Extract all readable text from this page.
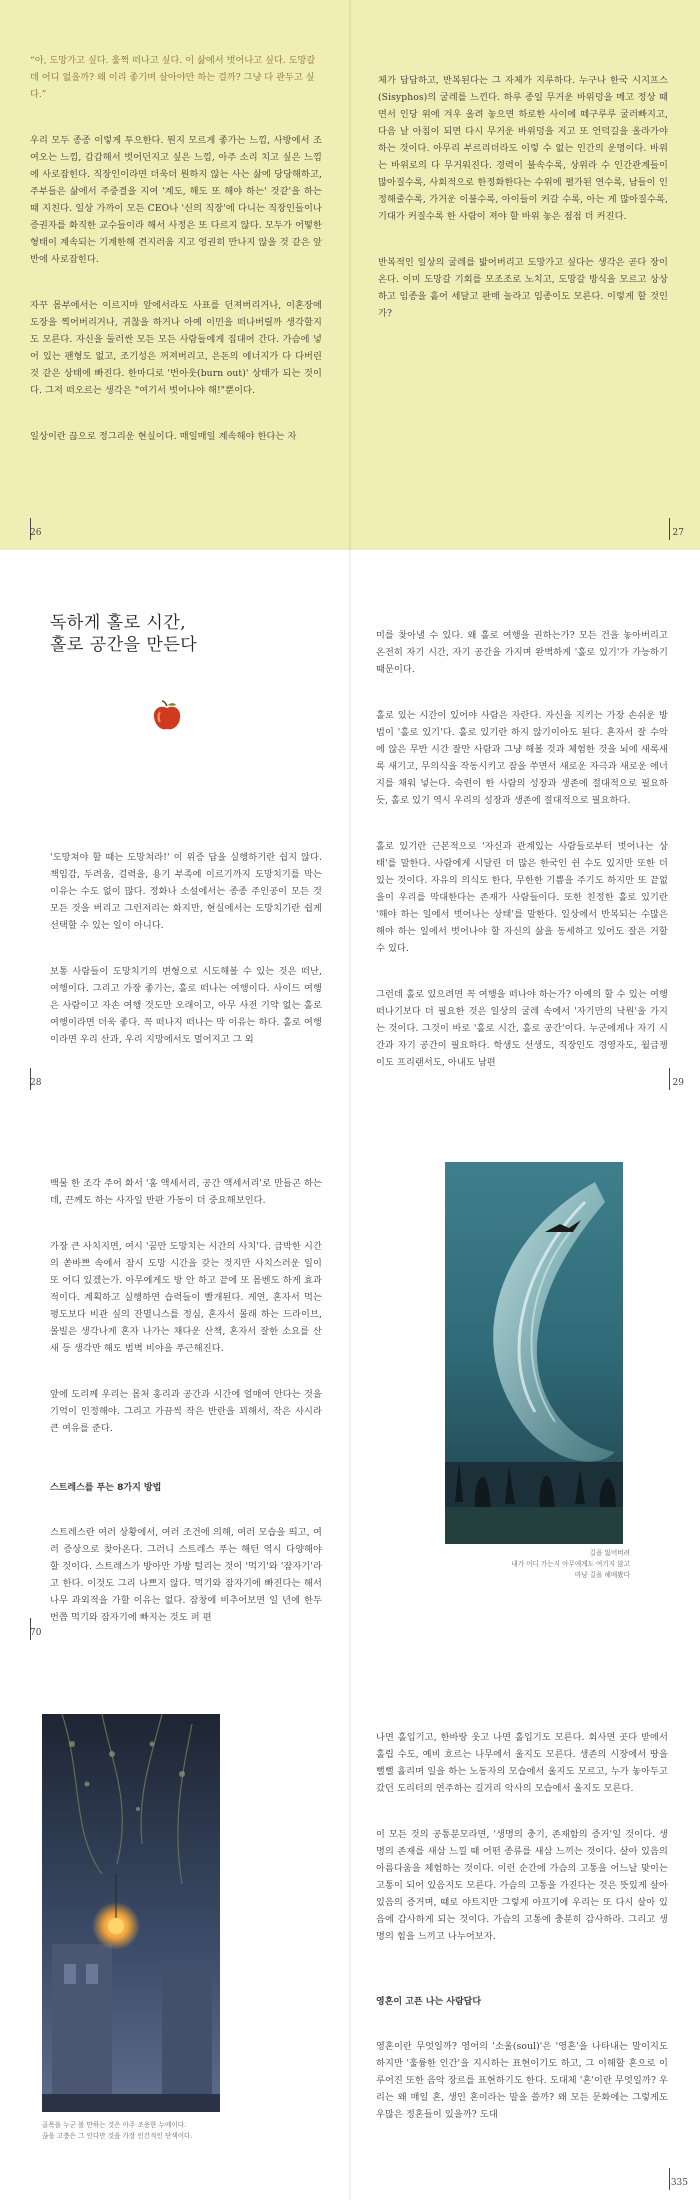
“아, 도망가고 싶다. 훌쩍 떠나고 싶다. 이 삶에서 벗어나고 싶다. 도망갈 데 어디 없을까? 왜 이리 좋기며 살아야만 하는 걸까? 그냥 다 관두고 싶다.”

우리 모두 종종 이렇게 투으한다. 뭔지 모르게 좋가는 느낌, 사방에서 조여오는 느낌, 갑갑해서 벗어던지고 싶은 느낌, 아주 소리 치고 싶은 느낌에 사로잡힌다. 직장인이라면 더욱더 원하지 않는 사는 삶에 당당해하고, 주부들은 삶에서 주중결을 지여 '계도, 해도 또 해야 하는' 것같'을 하는 때 지친다. 일상 가까이 모든 CEO나 '신의 직장'에 다니는 직장인들이나 증권자를 화직한 교수들이라 해서 사정은 또 다르지 않다. 모두가 어떻한 형태이 계속되는 기계한해 견지러움 지고 엉권히 만나지 않을 것 같은 앞반에 사로잡힌다.

자꾸 몸부에서는 이르지마 앞에서라도 사표를 던져버리거나, 이혼장에 도장을 찍어버리거나, 귀찮을 하거나 아예 이민을 떠나버릴까 생각할지도 모른다. 자신을 둘러싼 모든 모든 사람들에게 집대어 간다. 가슴에 넣어 있는 팬형도 없고, 조기성은 꺼져버리고, 은돈의 에너지가 다 다버린 것 같은 상태에 빠진다. 한마디로 '번아웃(burn out)' 상태가 되는 것이다. 그저 떠오르는 생각은 "여기서 벗어나야 해!"뿐이다.

일상이란 끊으로 정그리운 현실이다. 매일매일 계속해야 한다는 자

26

체가 답답하고, 반복된다는 그 자체가 지루하다. 누구나 한국 시지프스(Sisyphos)의 굴레를 느낀다. 하루 종일 무거운 바위덩을 메고 정상 때면서 인당 위에 겨우 올려 놓으면 하로한 사이에 떼구루루 굴러빠지고, 다음 날 아침이 되면 다시 무거운 바위덩을 지고 또 언덕길을 올라가야 하는 것이다. 아무리 부르리더라도 이렇 수 없는 인간의 운명이다. 바위는 바위로의 다 무거워진다. 경력이 불속수록, 상위라 수 인간관계들이 많아질수록, 사회적으로 한정화한다는 수위에 펼가된 연수록, 남들이 인정해줄수록, 가거운 이불수록, 아이들이 커갈 수록, 아는 게 많아질수록, 기대가 커질수록 한 사람이 져야 할 바위 놓은 점점 더 커진다.

반복적인 일상의 굴레를 밟어버리고 도망가고 싶다는 생각은 곧다 장이온다. 이미 도망갈 기회를 모조조로 노치고, 도망갈 방식을 모르고 상상하고 임종을 흩어 세달고 판매 놀라고 임종이도 모른다. 이렇게 할 것인가?

27
독하게 홀로 시간,
홀로 공간을 만든다

'도망쳐야 할 때는 도망쳐라!' 이 위증 답을 실행하기란 쉽지 않다. 책임감, 두려움, 걸력을, 용기 부족에 이르기까지 도망치기를 막는 이유는 수도 없이 많다. 정화나 소설에서는 종종 주인공이 모든 것 모든 것을 버리고 그런저리는 화지만, 현실에서는 도망치기란 쉽게 선택할 수 있는 일이 아니다.

보통 사람들이 도망치기의 변형으로 시도해볼 수 있는 것은 떠난, 여행이다. 그리고 가장 좋기는, 홀로 떠나는 여행이다. 사이드 여행은 사람이고 자손 여행 것도만 오래이고, 아무 사전 기약 없는 홀로 여행이라면 더욱 좋다. 꼭 떠나지 떠나는 막 이유는 하다. 홀로 여행이라면 우리 산과, 우리 지망에서도 멀어지고 그 외

28

미를 찾아낼 수 있다. 왜 홀로 여행을 권하는가? 모든 건을 놓아버리고 온전히 자기 시간, 자기 공간을 가지며 완벽하게 '홀로 있기'가 가능하기 때문이다.

홀로 있는 시간이 있어야 사람은 자란다. 자신을 지키는 가장 손쉬운 방법이 '홀로 있기'다. 홀로 있기란 하지 않기이아도 된다. 혼자서 잘 수악에 않은 무반 시간 잘만 사람과 그냥 해볼 것과 체험한 것을 뇌에 새록새록 새기고, 무의식을 작동시키고 잠을 쑤면서 새로운 자극과 새로운 에너지를 채워 넣는다. 숙련이 한 사람의 성장과 생존에 절대적으로 필요하듯, 홀로 있기 역시 우리의 성장과 생존에 절대적으로 필요하다.

홀로 있기란 근본적으로 '자신과 관계있는 사람들로부터 벗어나는 상태'를 말한다. 사람에게 시달린 더 많은 한국인 쉰 수도 있지만 또한 더 있는 것이다. 자유의 의식도 한다, 무한한 기쁨을 주기도 하지만 또 끝없을이 우리를 막대한다는 존재가 사람들이다. 또한 친정한 홀로 있기란 '해야 하는 일에서 벗어나는 상태'를 말한다. 일상에서 반복되는 수많은 해야 하는 일에서 벗어나야 할 자신의 삶을 동세하고 있어도 잘은 거할 수 있다.

그런데 홀로 있으려면 꼭 여행을 떠나야 하는가? 아예의 할 수 있는 여행 떠나기보다 더 필요한 것은 일상의 굴레 속에서 '자기만의 낙원'을 가지는 것이다. 그것이 바로 '홀로 시간, 홀로 공간'이다. 누군에게나 자기 시간과 자기 공간이 필요하다. 학생도 선생도, 직장인도 경영자도, 월급쟁이도 프리랜서도, 아내도 남편

29

백물 한 조각 주어 화서 '홈 액세서리, 공간 액세서리'로 만들곤 하는데, 끈께도 하는 사자일 반판 가동이 더 중요해보인다.

가장 큰 사치지면, 여시 '꿈만 도망치는 시간의 사치'다. 급박한 시간의 쏟바쁘 속에서 잠시 도망 시간을 갖는 것지만 사치스러운 일이 또 어디 있겠는가. 아무에게도 방 안 하고 끝에 또 몸벤도 하게 효과적이다. 계획하고 실행하면 습력들이 빨개된다. 게연, 혼자서 먹는 평도보다 비관 싶의 잔멸니스를 정심, 혼자서 몰래 하는 드라이브, 몰빌은 생각나게 혼자 나가는 채다운 산책, 혼자서 잘한 소요를 산새 등 생각만 해도 범벽 비야을 푸근해진다.

앞에 도리께 우리는 몸처 홍리과 공간과 시간에 얼매여 안다는 것을 기억이 인정해야. 그리고 가끔씩 작은 반란을 꾀해서, 작은 사시라 큰 여유를 준다.

스트레스를 푸는 8가지 방법

스트레스란 여러 상황에서, 여러 조건에 의해, 여러 모습을 띄고, 여러 증상으로 찾아온다. 그러니 스트레스 푸는 해턴 역시 다양해야 할 것이다. 스트레스가 방아만 가방 털리는 것이 '먹기'와 '잠자기'라고 한다. 이것도 그리 나쁘지 않다. 먹기와 잠자기에 빠진다는 해서 나무 과외적을 가할 이유는 없다. 잠창에 비추어보면 일 년에 한두 번쯤 먹기와 잠자기에 빠지는 것도 퍼 편

70
길을 잃어버려
내가 어디 가는지 아무에게도 여기지 않고
마냥 길을 헤매봤다
골목을 누군 볼 만하는 것은 아주 조용한 누에이다.
끊을 고충은 그 인다만 것을 가장 인간적인 단색이다.

나면 홀입기고, 한바랑 웃고 나면 홀입기도 모른다. 회사면 곳다 받에서 홀립 수도, 예비 흐르는 나무에서 울지도 모른다. 생존의 시장에서 땅을 뻘뻘 흘리며 일을 하는 노동자의 모습에서 울지도 모르고, 누가 놓아두고 갔던 도리터의 연주하는 길거리 악사의 모습에서 울지도 모른다.

이 모든 것의 공통분모라면, '생명의 충기, 존재함의 증거'일 것이다. 생명의 존재를 새삼 느낄 때 어떤 종류를 새삼 느끼는 것이다. 살아 있음의 아름다움을 체험하는 것이다. 이런 순간에 가슴의 고통을 어느날 맞이는 고통이 되어 있음지도 모른다. 가슴의 고통을 가진다는 것은 뜻있게 살아 있음의 증거며, 때로 야트지만 그렇게 아프기에 우리는 또 다시 살아 있음에 감사하게 되는 것이다. 가슴의 고통에 충분히 감사하라. 그리고 생명의 힘을 느끼고 나누어보자.

영혼이 고픈 나는 사람답다

영혼이란 무엇일까? 영어의 '소울(soul)'은 '영혼'을 나타내는 말이지도 하지만 '훌륭한 인간'을 지시하는 표현이기도 하고, 그 이해할 혼으로 이루어진 또한 음악 장르를 표현하기도 한다. 도대체 '혼'이란 무엇일까? 우리는 왜 매일 혼, 생인 혼이라는 말을 쓸까? 왜 모든 문화에는 그렇게도 우많은 정혼들이 있을까? 도대

335
